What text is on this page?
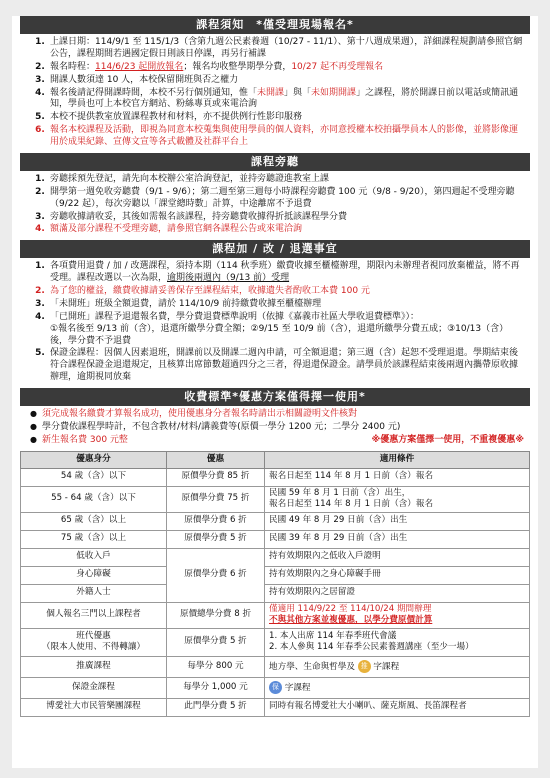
課程須知　*僅受理現場報名*
1. 上課日期：114/9/1 至 115/1/3（含第九週公民素養週（10/27 - 11/1）、第十八週成果週），詳細課程規劃請參照官網公告，課程期間若遇國定假日則該日停課，再另行補課
2. 報名時程：114/6/23 起開放報名；報名均收整學期學分費，10/27 起不再受理報名
3. 開課人數須達 10 人，本校保留開班與否之權力
4. 報名後請記得開課時間，本校不另行個別通知，惟「未開課」與「未如期開課」之課程，將於開課日前以電話或簡訊通知，學員也可上本校官方網站、粉絲專頁或來電洽詢
5. 本校不提供教室放置課程教材和材料，亦不提供例行性影印服務
6. 報名本校課程及活動，即視為同意本校蒐集與使用學員的個人資料，亦同意授權本校拍攝學員本人的影像，並將影像運用於成果紀錄、宣傳文宣等各式載體及社群平台上
課程旁聽
1. 旁聽採預先登記，請先向本校辦公室洽詢登記，並持旁聽證進教室上課
2. 開學第一週免收旁聽費（9/1 - 9/6）；第二週至第三週每小時課程旁聽費 100 元（9/8 - 9/20），第四週起不受理旁聽（9/22 起），每次旁聽以「課堂總時數」計算，中途離席不予退費
3. 旁聽收據請收妥，其後如需報名該課程，持旁聽費收據得折抵該課程學分費
4. 額滿及部分課程不受理旁聽，請參照官網各課程公告或來電洽詢
課程加 / 改 / 退選事宜
1. 各項費用退費 / 加 / 改選課程，須持本期（114 秋季班）繳費收據至櫃檯辦理，期限內未辦理者視同放棄權益，將不再受理。課程改選以一次為限，逾期後兩週內（9/13 前）受理
2. 為了您的權益，繳費收據請妥善保存至課程結束，收據遺失者酌收工本費 100 元
3. 「未開班」班級全額退費，請於 114/10/9 前持繳費收據至櫃檯辦理
4. 「已開班」課程予退還報名費，學分費退費標準說明（依據《嘉義市社區大學收退費標準》）：
①報名後至 9/13 前（含），退還所繳學分費全額；②9/15 至 10/9 前（含），退還所繳學分費五成；③10/13（含）後，學分費不予退費
5. 保證金課程：因個人因素退班，開課前以及開課二週內申請，可全額退還；第三週（含）起恕不受理退還。學期結束後符合課程保證金退還規定，且核算出席節數超過四分之三者，得退還保證金。請學員於該課程結束後兩週內攜帶原收據辦理，逾期視同放棄
收費標準*優惠方案僅得擇一使用*
● 須完成報名繳費才算報名成功，使用優惠身分者報名時請出示相關證明文件核對
● 學分費依課程學時計，不包含教材/材料/講義費等(原價一學分 1200 元；二學分 2400 元)
● 新生報名費 300 元整	※優惠方案僅擇一使用，不重複優惠※
優惠身分	優惠	適用條件
54 歲（含）以下	原價學分費 85 折	報名日起至 114 年 8 月 1 日前（含）報名
55 - 64 歲（含）以下	原價學分費 75 折	民國 59 年 8 月 1 日前（含）出生，
報名日起至 114 年 8 月 1 日前（含）報名

65 歲（含）以上	原價學分費 6 折	民國 49 年 8 月 29 日前（含）出生
75 歲（含）以上	原價學分費 5 折	民國 39 年 8 月 29 日前（含）出生
低收入戶	原價學分費 6 折	持有效期限內之低收入戶證明
身心障礙		持有效期限內之身心障礙手冊
外籍人士		持有效期限內之居留證
個人報名三門以上課程者	原價總學分費 8 折	僅適用 114/9/22 至 114/10/24 期間辦理
不與其他方案並複優惠，以學分費原價計算

班代優惠
（限本人使用、不得轉讓）	原價學分費 5 折	1. 本人出席 114 年春季班代會議
2. 本人參與 114 年春季公民素養週講座（至少一場）

推廣課程	每學分 800 元	地方學、生命與哲學及 推 字課程
保證金課程	每學分 1,000 元	保 字課程
博愛社大市民管樂團課程	此門學分費 5 折	同時有報名博愛社大小喇叭、薩克斯風、長笛課程者
